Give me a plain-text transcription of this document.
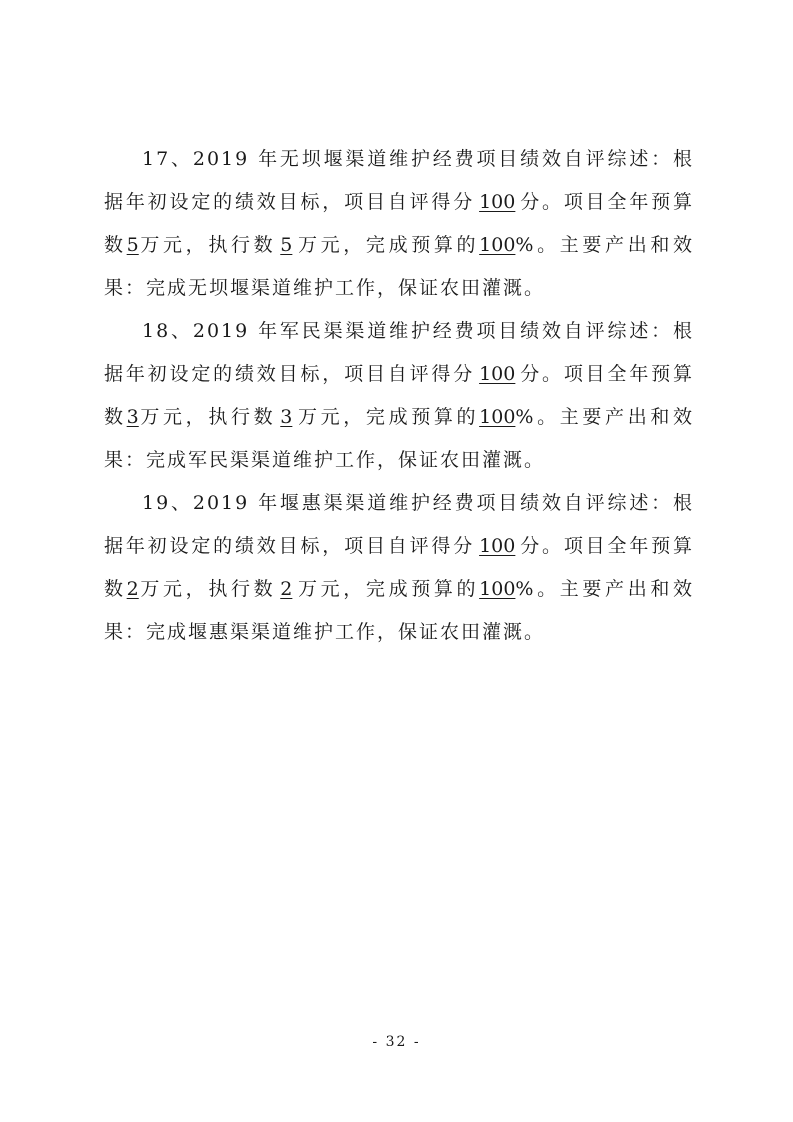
17、2019 年无坝堰渠道维护经费项目绩效自评综述：根据年初设定的绩效目标，项目自评得分 100 分。项目全年预算数5万元，执行数 5 万元，完成预算的100%。主要产出和效果：完成无坝堰渠道维护工作，保证农田灌溉。

18、2019 年军民渠渠道维护经费项目绩效自评综述：根据年初设定的绩效目标，项目自评得分 100 分。项目全年预算数3万元，执行数 3 万元，完成预算的100%。主要产出和效果：完成军民渠渠道维护工作，保证农田灌溉。

19、2019 年堰惠渠渠道维护经费项目绩效自评综述：根据年初设定的绩效目标，项目自评得分 100 分。项目全年预算数2万元，执行数 2 万元，完成预算的100%。主要产出和效果：完成堰惠渠渠道维护工作，保证农田灌溉。

- 32 -
